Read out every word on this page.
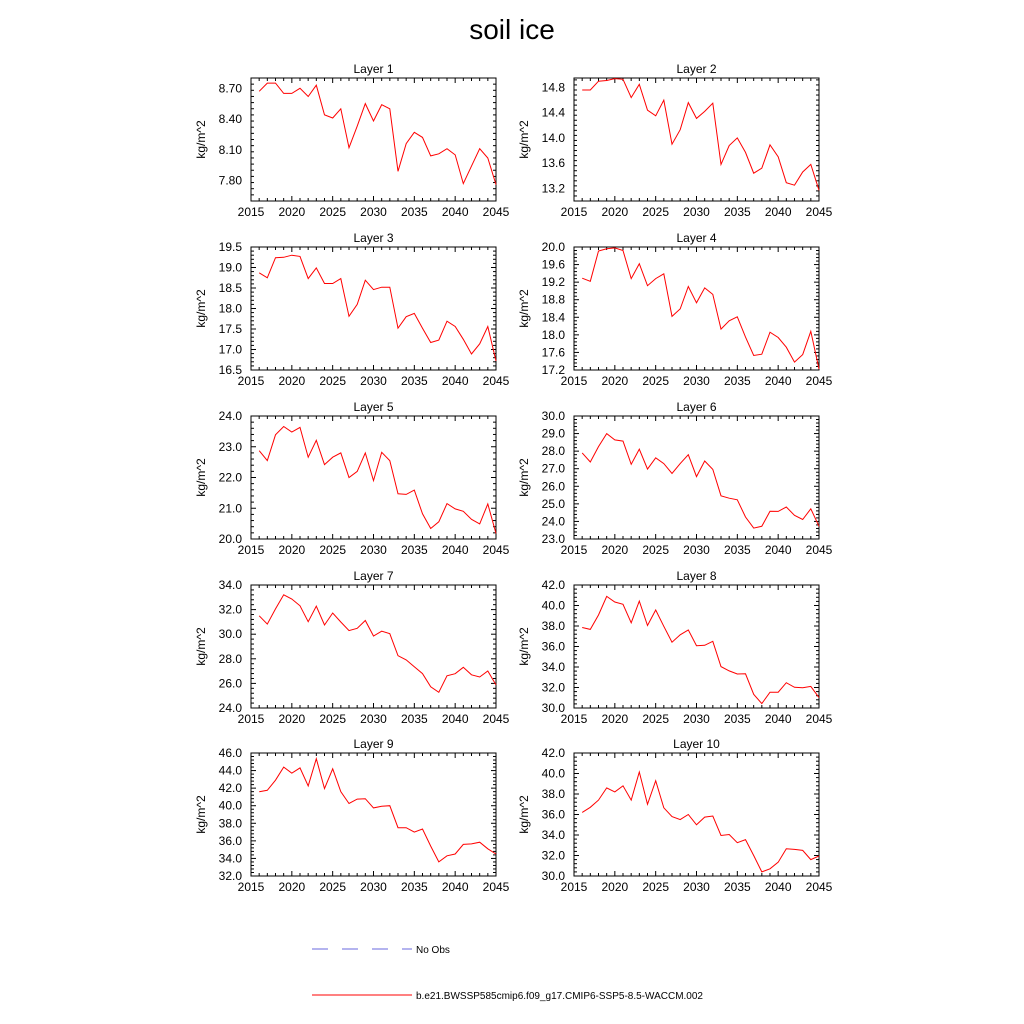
soil ice
Layer 1
kg/m^2
2015 2020 2025 2030 2035 2040 2045
7.80
8.10
8.40
8.70
Layer 2
kg/m^2
2015 2020 2025 2030 2035 2040 2045
13.2
13.6
14.0
14.4
14.8
Layer 3
kg/m^2
2015 2020 2025 2030 2035 2040 2045
16.5
17.0
17.5
18.0
18.5
19.0
19.5
Layer 4
kg/m^2
2015 2020 2025 2030 2035 2040 2045
17.2
17.6
18.0
18.4
18.8
19.2
19.6
20.0
Layer 5
kg/m^2
2015 2020 2025 2030 2035 2040 2045
20.0
21.0
22.0
23.0
24.0
Layer 6
kg/m^2
2015 2020 2025 2030 2035 2040 2045
23.0
24.0
25.0
26.0
27.0
28.0
29.0
30.0
Layer 7
kg/m^2
2015 2020 2025 2030 2035 2040 2045
24.0
26.0
28.0
30.0
32.0
34.0
Layer 8
kg/m^2
2015 2020 2025 2030 2035 2040 2045
30.0
32.0
34.0
36.0
38.0
40.0
42.0
Layer 9
kg/m^2
2015 2020 2025 2030 2035 2040 2045
32.0
34.0
36.0
38.0
40.0
42.0
44.0
46.0
Layer 10
kg/m^2
2015 2020 2025 2030 2035 2040 2045
30.0
32.0
34.0
36.0
38.0
40.0
42.0
No Obs
b.e21.BWSSP585cmip6.f09_g17.CMIP6-SSP5-8.5-WACCM.002
